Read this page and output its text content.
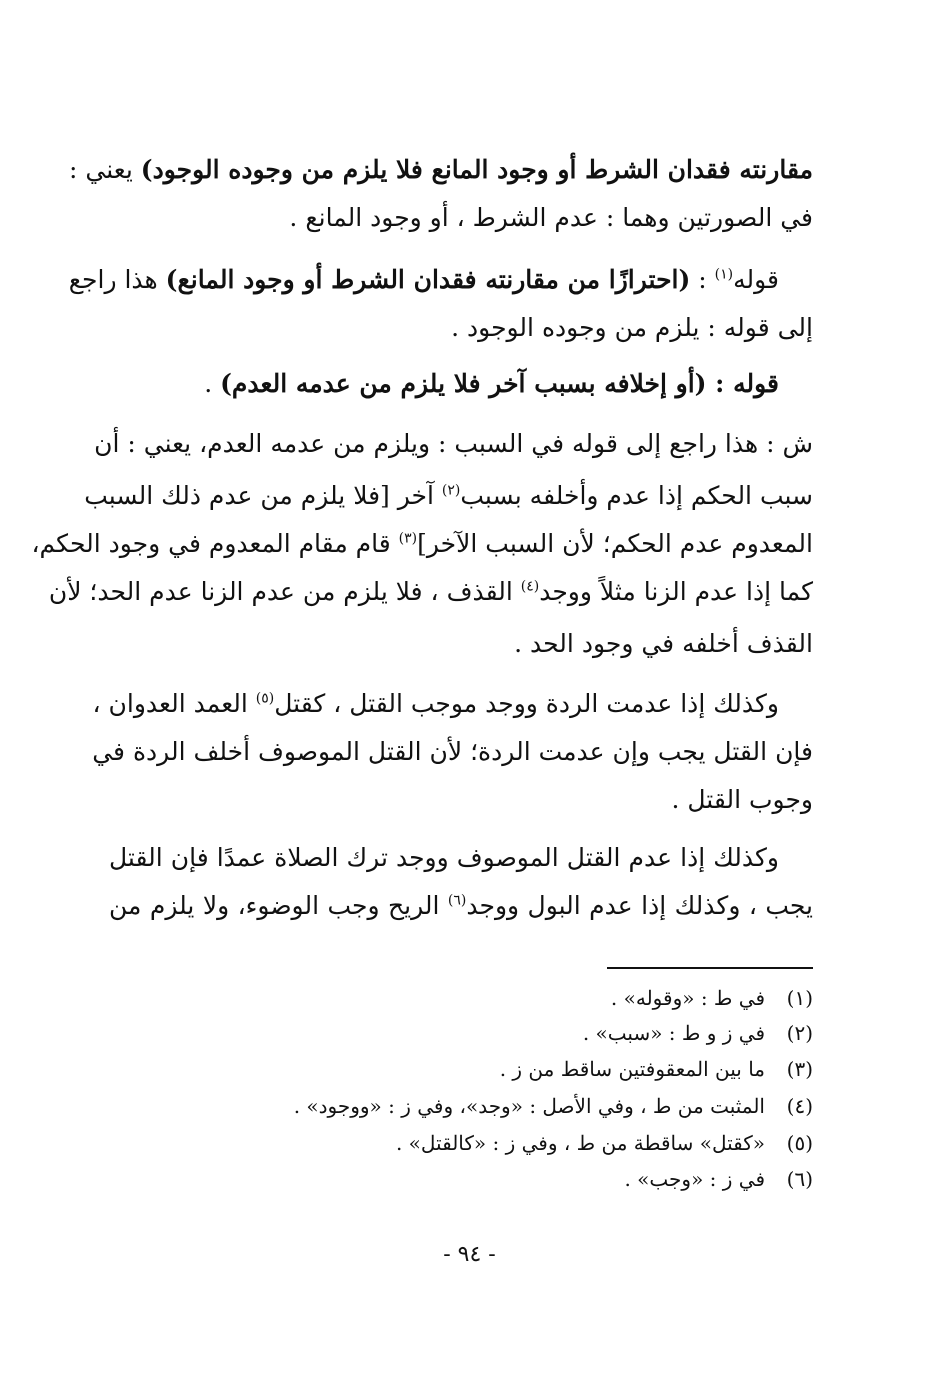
مقارنته فقدان الشرط أو وجود المانع فلا يلزم من وجوده الوجود) يعني :
في الصورتين وهما : عدم الشرط ، أو وجود المانع .
قوله$^{(١)}$ : (احترازًا من مقارنته فقدان الشرط أو وجود المانع) هذا راجع
إلى قوله : يلزم من وجوده الوجود .
قوله : (أو إخلافه بسبب آخر فلا يلزم من عدمه العدم) .
ش : هذا راجع إلى قوله في السبب : ويلزم من عدمه العدم، يعني : أن
سبب الحكم إذا عدم وأخلفه بسبب$^{(٢)}$ آخر [فلا يلزم من عدم ذلك السبب
المعدوم عدم الحكم؛ لأن السبب الآخر]$^{(٣)}$ قام مقام المعدوم في وجود الحكم،
كما إذا عدم الزنا مثلاً ووجد$^{(٤)}$ القذف ، فلا يلزم من عدم الزنا عدم الحد؛ لأن
القذف أخلفه في وجود الحد .
وكذلك إذا عدمت الردة ووجد موجب القتل ، كقتل$^{(٥)}$ العمد العدوان ،
فإن القتل يجب وإن عدمت الردة؛ لأن القتل الموصوف أخلف الردة في
وجوب القتل .
وكذلك إذا عدم القتل الموصوف ووجد ترك الصلاة عمدًا فإن القتل
يجب ، وكذلك إذا عدم البول ووجد$^{(٦)}$ الريح وجب الوضوء، ولا يلزم من
(١)في ط : «وقوله» .
(٢)في ز و ط : «سبب» .
(٣)ما بين المعقوفتين ساقط من ز .
(٤)المثبت من ط ، وفي الأصل : «وجد»، وفي ز : «ووجود» .
(٥)«كقتل» ساقطة من ط ، وفي ز : «كالقتل» .
(٦)في ز : «وجب» .
- ٩٤ -
